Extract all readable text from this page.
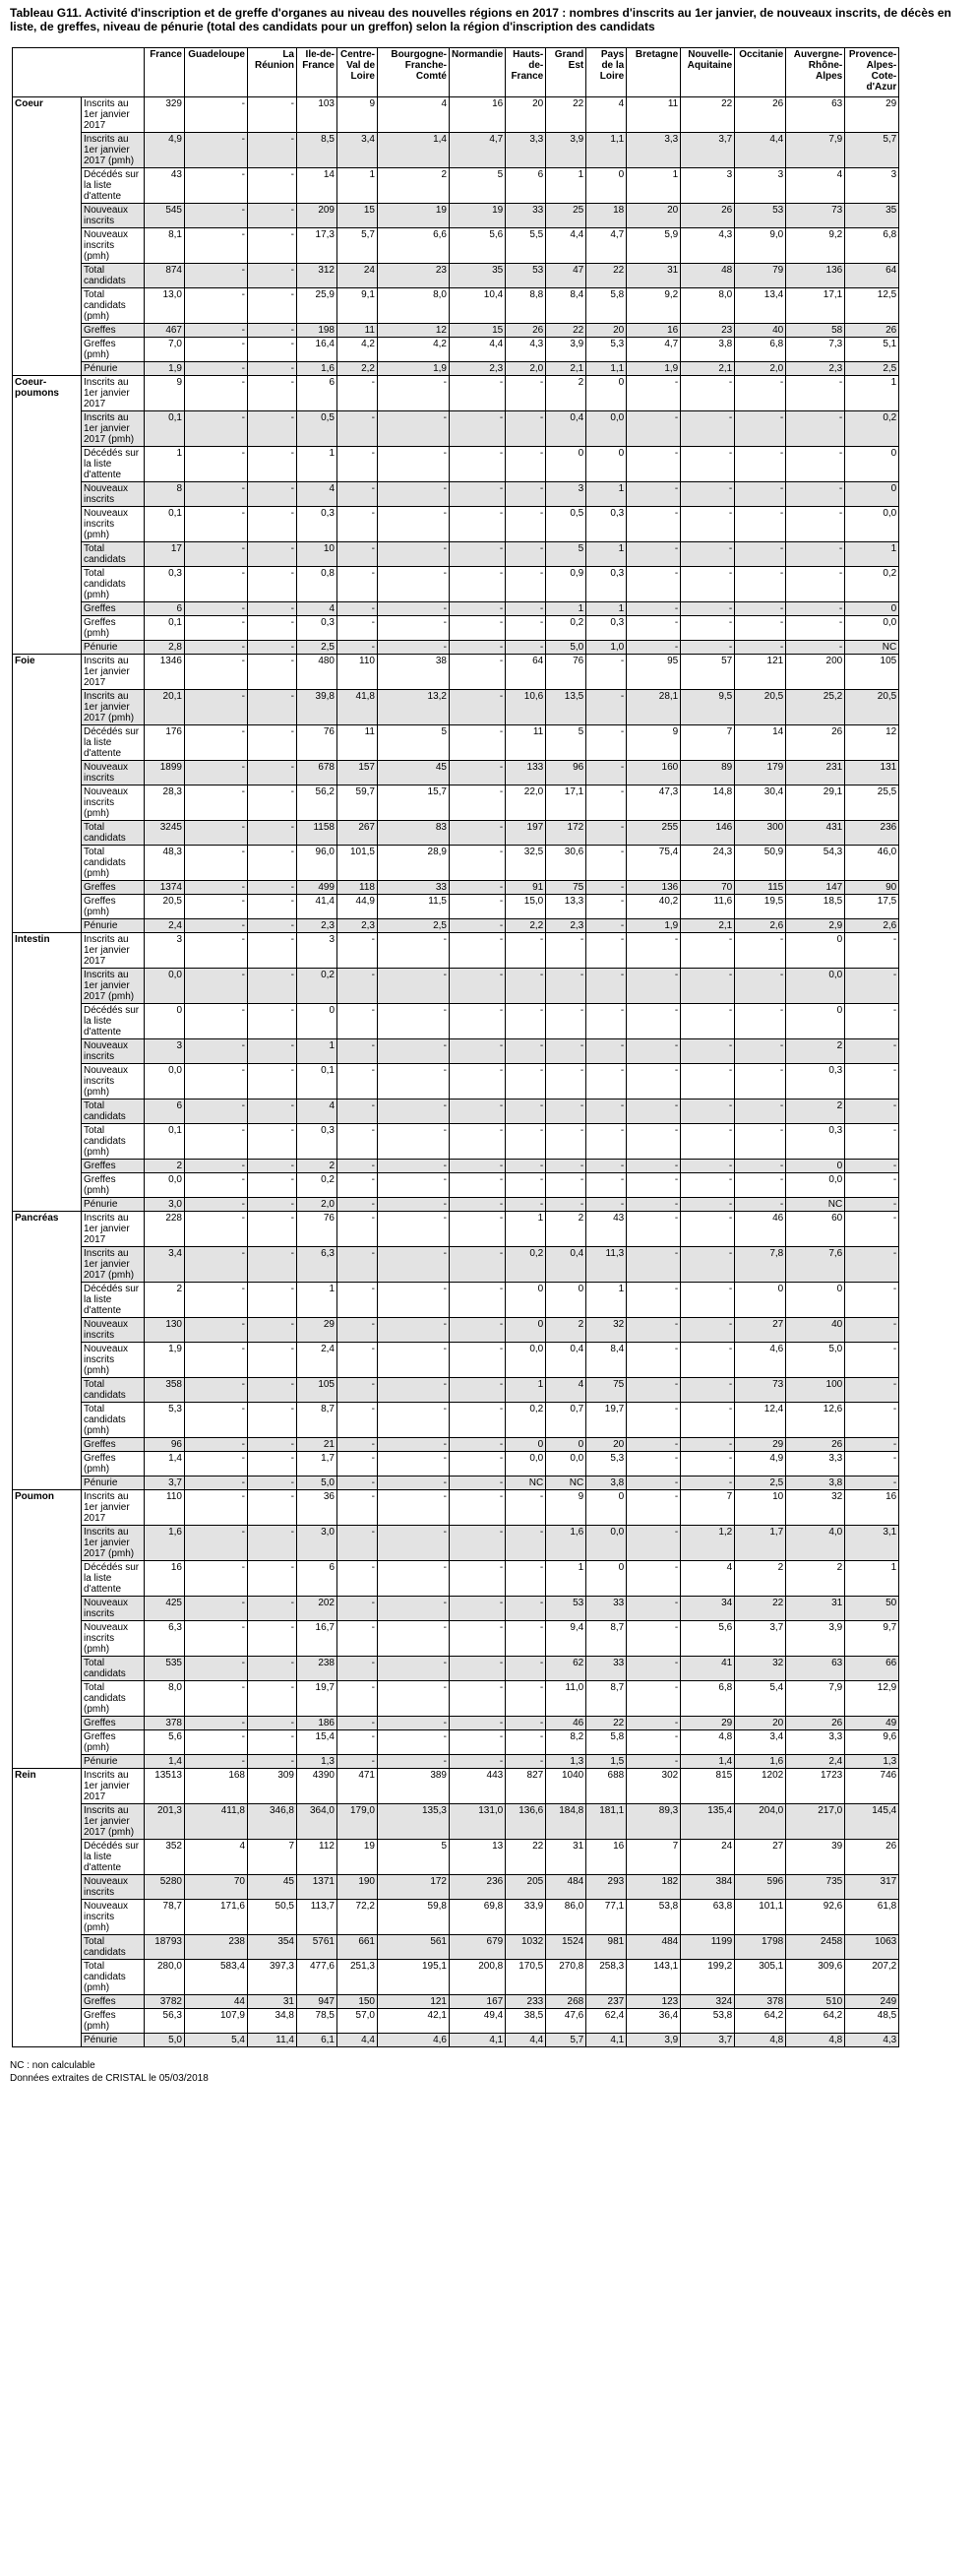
Tableau G11. Activité d'inscription et de greffe d'organes au niveau des nouvelles régions en 2017 : nombres d'inscrits au 1er janvier, de nouveaux inscrits, de décès en liste, de greffes, niveau de pénurie (total des candidats pour un greffon) selon la région d'inscription des candidats
		France	Guadeloupe	La Réunion	Ile-de-France	Centre-Val de Loire	Bourgogne-Franche-Comté	Normandie	Hauts-de-France	Grand Est	Pays de la Loire	Bretagne	Nouvelle-Aquitaine	Occitanie	Auvergne-Rhône-Alpes	Provence-Alpes-Cote-d'Azur
Coeur	Inscrits au 1er janvier 2017	329	-	-	103	9	4	16	20	22	4	11	22	26	63	29
	Inscrits au 1er janvier 2017 (pmh)	4,9	-	-	8,5	3,4	1,4	4,7	3,3	3,9	1,1	3,3	3,7	4,4	7,9	5,7
	Décédés sur la liste d'attente	43	-	-	14	1	2	5	6	1	0	1	3	3	4	3
	Nouveaux inscrits	545	-	-	209	15	19	19	33	25	18	20	26	53	73	35
	Nouveaux inscrits (pmh)	8,1	-	-	17,3	5,7	6,6	5,6	5,5	4,4	4,7	5,9	4,3	9,0	9,2	6,8
	Total candidats	874	-	-	312	24	23	35	53	47	22	31	48	79	136	64
	Total candidats (pmh)	13,0	-	-	25,9	9,1	8,0	10,4	8,8	8,4	5,8	9,2	8,0	13,4	17,1	12,5
	Greffes	467	-	-	198	11	12	15	26	22	20	16	23	40	58	26
	Greffes (pmh)	7,0	-	-	16,4	4,2	4,2	4,4	4,3	3,9	5,3	4,7	3,8	6,8	7,3	5,1
	Pénurie	1,9	-	-	1,6	2,2	1,9	2,3	2,0	2,1	1,1	1,9	2,1	2,0	2,3	2,5
Coeur-poumons	Inscrits au 1er janvier 2017	9	-	-	6	-	-	-	-	2	0	-	-	-	-	1
	Inscrits au 1er janvier 2017 (pmh)	0,1	-	-	0,5	-	-	-	-	0,4	0,0	-	-	-	-	0,2
	Décédés sur la liste d'attente	1	-	-	1	-	-	-	-	0	0	-	-	-	-	0
	Nouveaux inscrits	8	-	-	4	-	-	-	-	3	1	-	-	-	-	0
	Nouveaux inscrits (pmh)	0,1	-	-	0,3	-	-	-	-	0,5	0,3	-	-	-	-	0,0
	Total candidats	17	-	-	10	-	-	-	-	5	1	-	-	-	-	1
	Total candidats (pmh)	0,3	-	-	0,8	-	-	-	-	0,9	0,3	-	-	-	-	0,2
	Greffes	6	-	-	4	-	-	-	-	1	1	-	-	-	-	0
	Greffes (pmh)	0,1	-	-	0,3	-	-	-	-	0,2	0,3	-	-	-	-	0,0
	Pénurie	2,8	-	-	2,5	-	-	-	-	5,0	1,0	-	-	-	-	NC
Foie	Inscrits au 1er janvier 2017	1346	-	-	480	110	38	-	64	76	-	95	57	121	200	105
	Inscrits au 1er janvier 2017 (pmh)	20,1	-	-	39,8	41,8	13,2	-	10,6	13,5	-	28,1	9,5	20,5	25,2	20,5
	Décédés sur la liste d'attente	176	-	-	76	11	5	-	11	5	-	9	7	14	26	12
	Nouveaux inscrits	1899	-	-	678	157	45	-	133	96	-	160	89	179	231	131
	Nouveaux inscrits (pmh)	28,3	-	-	56,2	59,7	15,7	-	22,0	17,1	-	47,3	14,8	30,4	29,1	25,5
	Total candidats	3245	-	-	1158	267	83	-	197	172	-	255	146	300	431	236
	Total candidats (pmh)	48,3	-	-	96,0	101,5	28,9	-	32,5	30,6	-	75,4	24,3	50,9	54,3	46,0
	Greffes	1374	-	-	499	118	33	-	91	75	-	136	70	115	147	90
	Greffes (pmh)	20,5	-	-	41,4	44,9	11,5	-	15,0	13,3	-	40,2	11,6	19,5	18,5	17,5
	Pénurie	2,4	-	-	2,3	2,3	2,5	-	2,2	2,3	-	1,9	2,1	2,6	2,9	2,6
Intestin	Inscrits au 1er janvier 2017	3	-	-	3	-	-	-	-	-	-	-	-	-	0	-
	Inscrits au 1er janvier 2017 (pmh)	0,0	-	-	0,2	-	-	-	-	-	-	-	-	-	0,0	-
	Décédés sur la liste d'attente	0	-	-	0	-	-	-	-	-	-	-	-	-	0	-
	Nouveaux inscrits	3	-	-	1	-	-	-	-	-	-	-	-	-	2	-
	Nouveaux inscrits (pmh)	0,0	-	-	0,1	-	-	-	-	-	-	-	-	-	0,3	-
	Total candidats	6	-	-	4	-	-	-	-	-	-	-	-	-	2	-
	Total candidats (pmh)	0,1	-	-	0,3	-	-	-	-	-	-	-	-	-	0,3	-
	Greffes	2	-	-	2	-	-	-	-	-	-	-	-	-	0	-
	Greffes (pmh)	0,0	-	-	0,2	-	-	-	-	-	-	-	-	-	0,0	-
	Pénurie	3,0	-	-	2,0	-	-	-	-	-	-	-	-	-	NC	-
Pancréas	Inscrits au 1er janvier 2017	228	-	-	76	-	-	-	1	2	43	-	-	46	60	-
	Inscrits au 1er janvier 2017 (pmh)	3,4	-	-	6,3	-	-	-	0,2	0,4	11,3	-	-	7,8	7,6	-
	Décédés sur la liste d'attente	2	-	-	1	-	-	-	0	0	1	-	-	0	0	-
	Nouveaux inscrits	130	-	-	29	-	-	-	0	2	32	-	-	27	40	-
	Nouveaux inscrits (pmh)	1,9	-	-	2,4	-	-	-	0,0	0,4	8,4	-	-	4,6	5,0	-
	Total candidats	358	-	-	105	-	-	-	1	4	75	-	-	73	100	-
	Total candidats (pmh)	5,3	-	-	8,7	-	-	-	0,2	0,7	19,7	-	-	12,4	12,6	-
	Greffes	96	-	-	21	-	-	-	0	0	20	-	-	29	26	-
	Greffes (pmh)	1,4	-	-	1,7	-	-	-	0,0	0,0	5,3	-	-	4,9	3,3	-
	Pénurie	3,7	-	-	5,0	-	-	-	NC	NC	3,8	-	-	2,5	3,8	-
Poumon	Inscrits au 1er janvier 2017	110	-	-	36	-	-	-	-	9	0	-	7	10	32	16
	Inscrits au 1er janvier 2017 (pmh)	1,6	-	-	3,0	-	-	-	-	1,6	0,0	-	1,2	1,7	4,0	3,1
	Décédés sur la liste d'attente	16	-	-	6	-	-	-	-	1	0	-	4	2	2	1
	Nouveaux inscrits	425	-	-	202	-	-	-	-	53	33	-	34	22	31	50
	Nouveaux inscrits (pmh)	6,3	-	-	16,7	-	-	-	-	9,4	8,7	-	5,6	3,7	3,9	9,7
	Total candidats	535	-	-	238	-	-	-	-	62	33	-	41	32	63	66
	Total candidats (pmh)	8,0	-	-	19,7	-	-	-	-	11,0	8,7	-	6,8	5,4	7,9	12,9
	Greffes	378	-	-	186	-	-	-	-	46	22	-	29	20	26	49
	Greffes (pmh)	5,6	-	-	15,4	-	-	-	-	8,2	5,8	-	4,8	3,4	3,3	9,6
	Pénurie	1,4	-	-	1,3	-	-	-	-	1,3	1,5	-	1,4	1,6	2,4	1,3
Rein	Inscrits au 1er janvier 2017	13513	168	309	4390	471	389	443	827	1040	688	302	815	1202	1723	746
	Inscrits au 1er janvier 2017 (pmh)	201,3	411,8	346,8	364,0	179,0	135,3	131,0	136,6	184,8	181,1	89,3	135,4	204,0	217,0	145,4
	Décédés sur la liste d'attente	352	4	7	112	19	5	13	22	31	16	7	24	27	39	26
	Nouveaux inscrits	5280	70	45	1371	190	172	236	205	484	293	182	384	596	735	317
	Nouveaux inscrits (pmh)	78,7	171,6	50,5	113,7	72,2	59,8	69,8	33,9	86,0	77,1	53,8	63,8	101,1	92,6	61,8
	Total candidats	18793	238	354	5761	661	561	679	1032	1524	981	484	1199	1798	2458	1063
	Total candidats (pmh)	280,0	583,4	397,3	477,6	251,3	195,1	200,8	170,5	270,8	258,3	143,1	199,2	305,1	309,6	207,2
	Greffes	3782	44	31	947	150	121	167	233	268	237	123	324	378	510	249
	Greffes (pmh)	56,3	107,9	34,8	78,5	57,0	42,1	49,4	38,5	47,6	62,4	36,4	53,8	64,2	64,2	48,5
	Pénurie	5,0	5,4	11,4	6,1	4,4	4,6	4,1	4,4	5,7	4,1	3,9	3,7	4,8	4,8	4,3
NC : non calculable
Données extraites de CRISTAL le 05/03/2018
